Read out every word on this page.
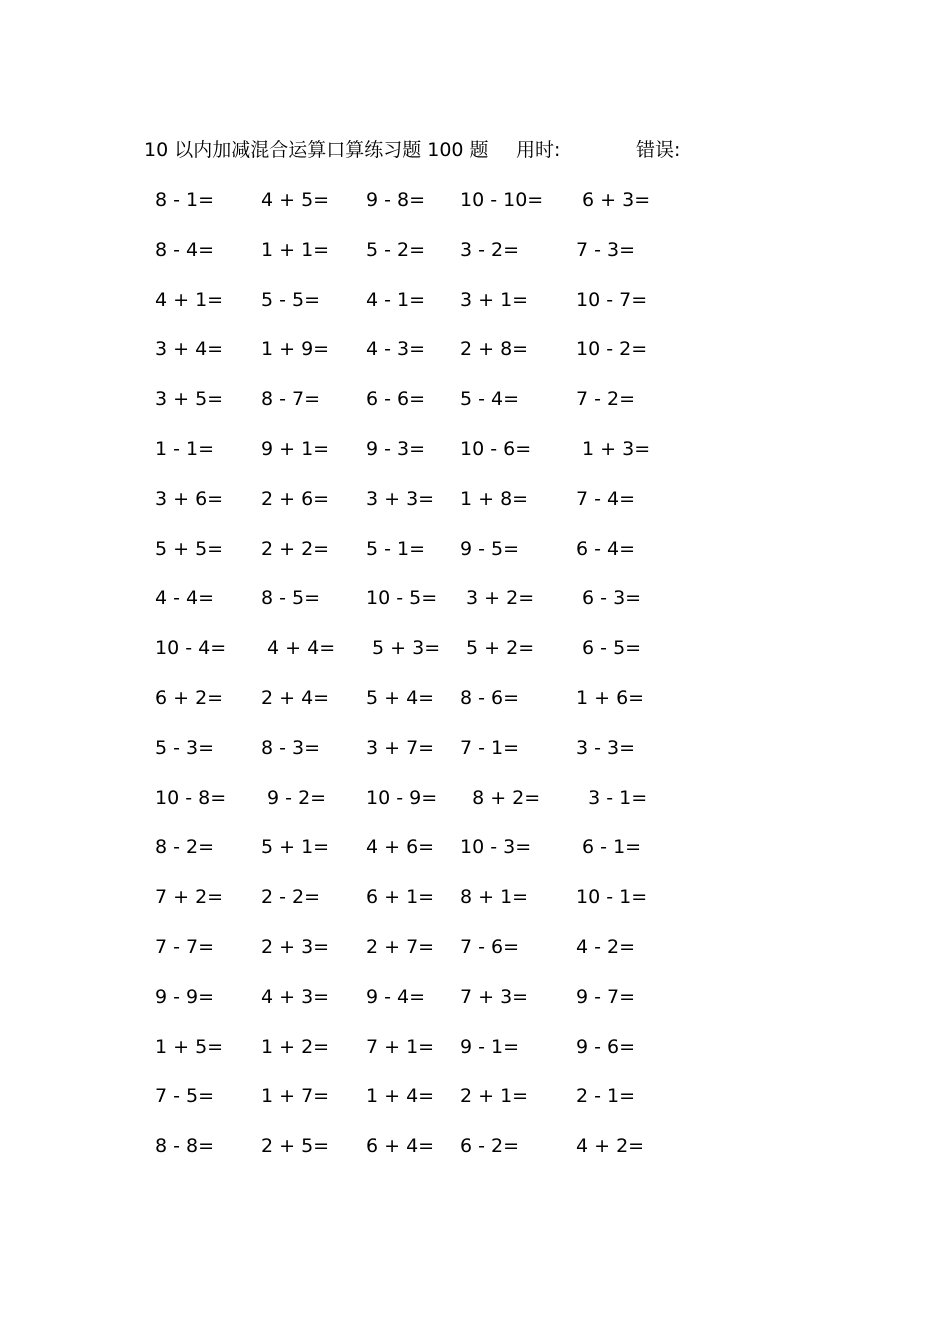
10 以内加减混合运算口算练习题 100 题 用时:	错误:
8 - 1= 4 + 5= 9 - 8= 10 - 10= 6 + 3=
8 - 4= 1 + 1= 5 - 2= 3 - 2=	7 - 3=
4 + 1= 5 - 5= 4 - 1= 3 + 1=	10 - 7=
3 + 4= 1 + 9= 4 - 3= 2 + 8=	10 - 2=
3 + 5= 8 - 7= 6 - 6= 5 - 4=	7 - 2=
1 - 1= 9 + 1= 9 - 3= 10 - 6= 1 + 3=
3 + 6= 2 + 6= 3 + 3= 1 + 8=	7 - 4=
5 + 5= 2 + 2= 5 - 1= 9 - 5=	6 - 4=
4 - 4= 8 - 5= 10 - 5= 3 + 2= 6 - 3=
10 - 4= 4 + 4= 5 + 3= 5 + 2= 6 - 5=
6 + 2= 2 + 4= 5 + 4= 8 - 6=	1 + 6=
5 - 3= 8 - 3= 3 + 7= 7 - 1=	3 - 3=
10 - 8= 9 - 2= 10 - 9= 8 + 2= 3 - 1=
8 - 2= 5 + 1= 4 + 6= 10 - 3= 6 - 1=
7 + 2= 2 - 2= 6 + 1= 8 + 1=	10 - 1=
7 - 7= 2 + 3= 2 + 7= 7 - 6=	4 - 2=
9 - 9= 4 + 3= 9 - 4= 7 + 3=	9 - 7=
1 + 5= 1 + 2= 7 + 1= 9 - 1=	9 - 6=
7 - 5= 1 + 7= 1 + 4= 2 + 1=	2 - 1=
8 - 8= 2 + 5= 6 + 4= 6 - 2=	4 + 2=
